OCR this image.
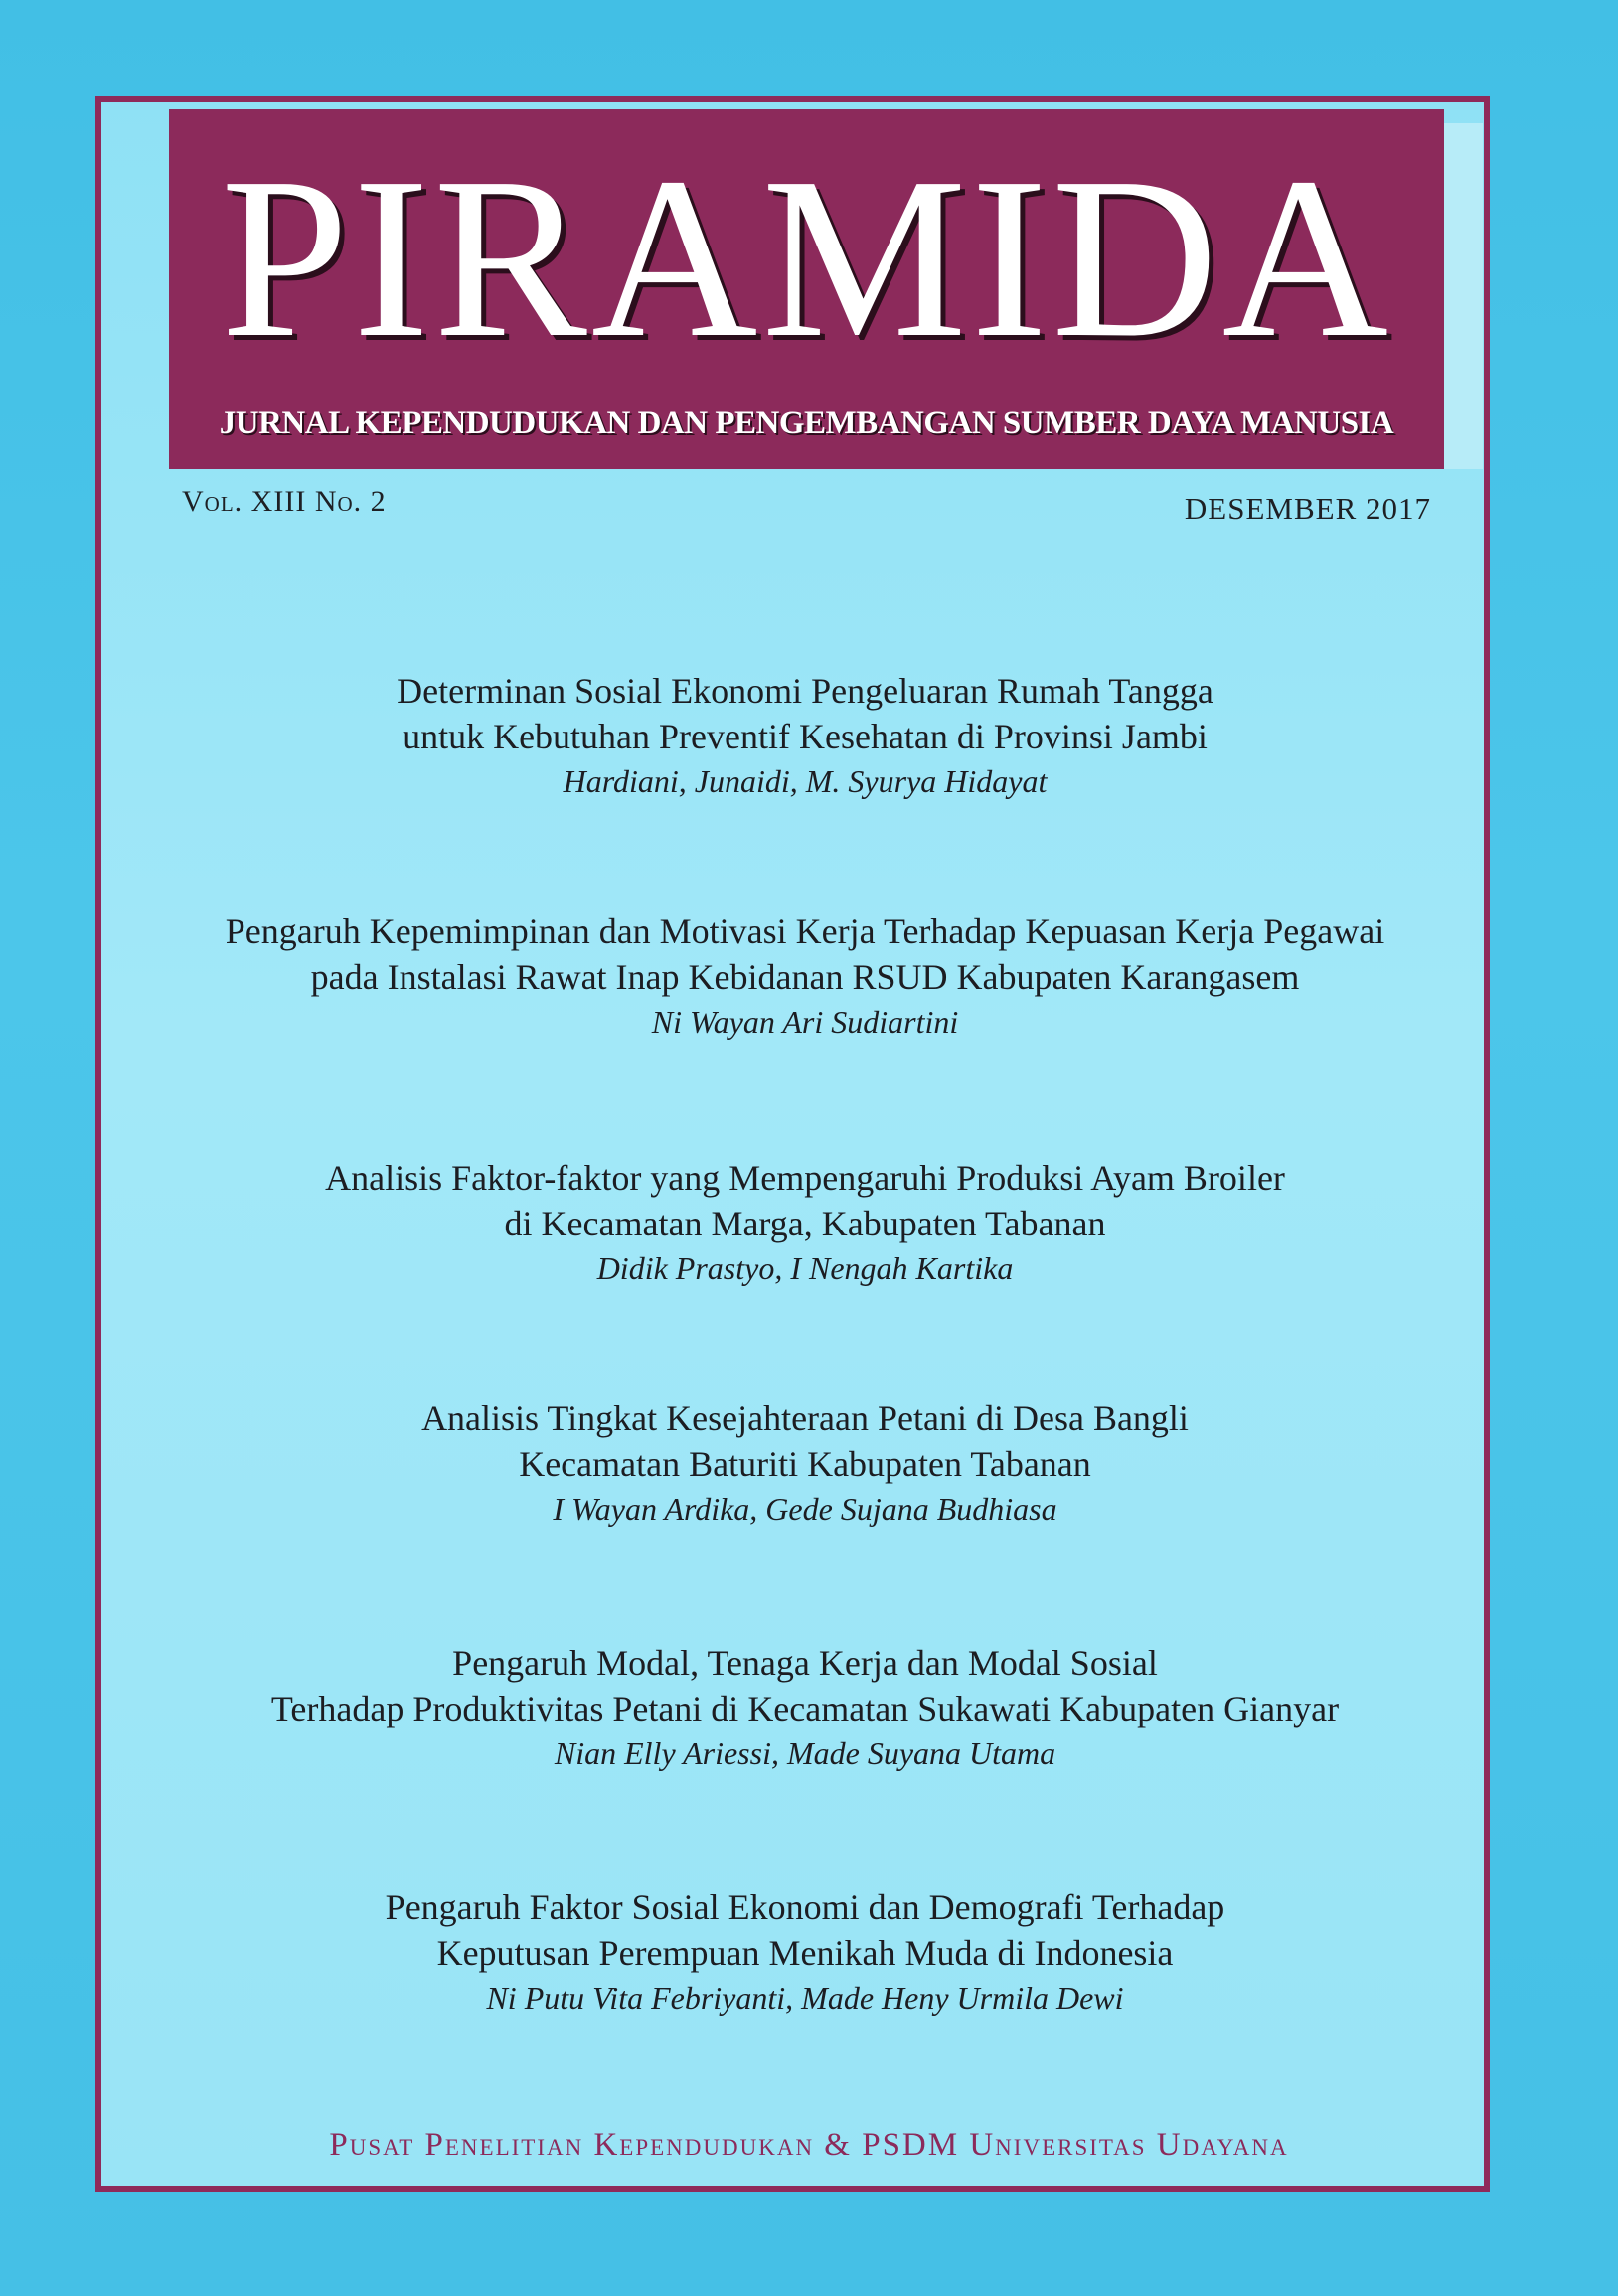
PIRAMIDA
JURNAL KEPENDUDUKAN DAN PENGEMBANGAN SUMBER DAYA MANUSIA
Vol. XIII No. 2	DESEMBER 2017

Determinan Sosial Ekonomi Pengeluaran Rumah Tangga

untuk Kebutuhan Preventif Kesehatan di Provinsi Jambi

Hardiani, Junaidi, M. Syurya Hidayat

Pengaruh Kepemimpinan dan Motivasi Kerja Terhadap Kepuasan Kerja Pegawai

pada Instalasi Rawat Inap Kebidanan RSUD Kabupaten Karangasem

Ni Wayan Ari Sudiartini

Analisis Faktor-faktor yang Mempengaruhi Produksi Ayam Broiler

di Kecamatan Marga, Kabupaten Tabanan

Didik Prastyo, I Nengah Kartika

Analisis Tingkat Kesejahteraan Petani di Desa Bangli

Kecamatan Baturiti Kabupaten Tabanan

I Wayan Ardika, Gede Sujana Budhiasa

Pengaruh Modal, Tenaga Kerja dan Modal Sosial

Terhadap Produktivitas Petani di Kecamatan Sukawati Kabupaten Gianyar

Nian Elly Ariessi, Made Suyana Utama

Pengaruh Faktor Sosial Ekonomi dan Demografi Terhadap

Keputusan Perempuan Menikah Muda di Indonesia

Ni Putu Vita Febriyanti, Made Heny Urmila Dewi

Pusat Penelitian Kependudukan & PSDM Universitas Udayana
